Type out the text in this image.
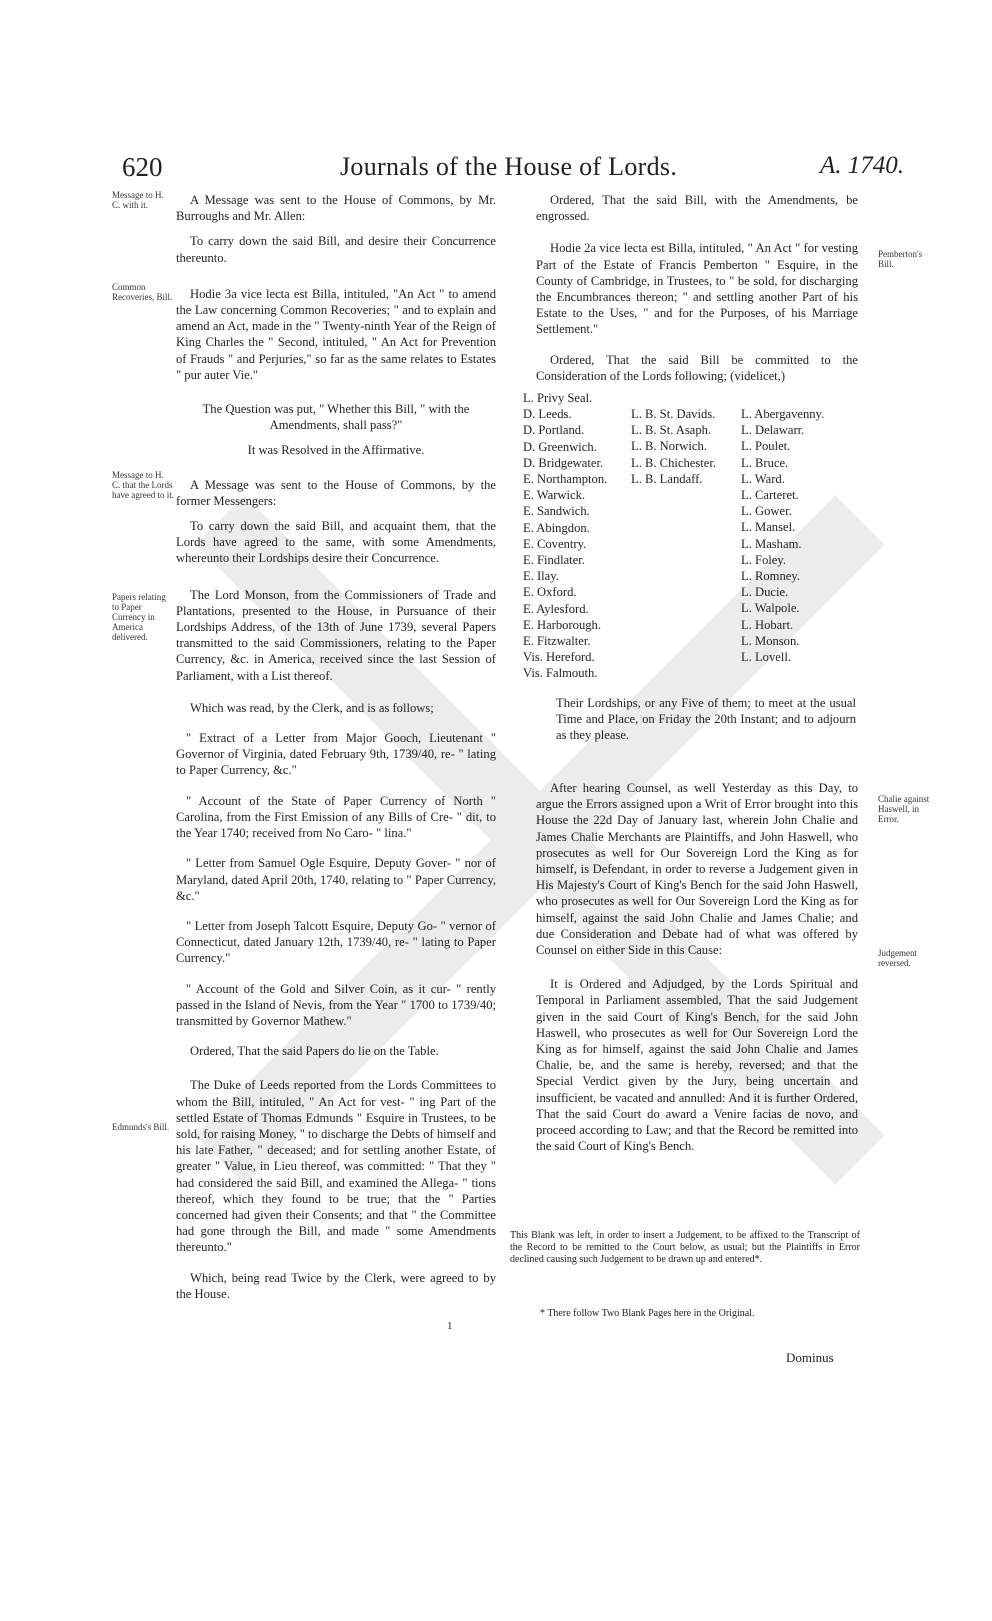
620	Journals of the House of Lords.	A. 1740.
Message to H. C. with it.
Common Recoveries, Bill.
Message to H. C. that the Lords have agreed to it.
Papers relating to Paper Currency in America delivered.
Edmunds's Bill.
Pemberton's Bill.
Chalie against Haswell, in Error.
Judgement reversed.

A Message was sent to the House of Commons, by Mr. Burroughs and Mr. Allen:

To carry down the said Bill, and desire their Concurrence thereunto.

Hodie 3a vice lecta est Billa, intituled, "An Act " to amend the Law concerning Common Recoveries; " and to explain and amend an Act, made in the " Twenty-ninth Year of the Reign of King Charles the " Second, intituled, " An Act for Prevention of Frauds " and Perjuries," so far as the same relates to Estates " pur auter Vie."

The Question was put, " Whether this Bill, " with the Amendments, shall pass?"

It was Resolved in the Affirmative.

A Message was sent to the House of Commons, by the former Messengers:

To carry down the said Bill, and acquaint them, that the Lords have agreed to the same, with some Amendments, whereunto their Lordships desire their Concurrence.

The Lord Monson, from the Commissioners of Trade and Plantations, presented to the House, in Pursuance of their Lordships Address, of the 13th of June 1739, several Papers transmitted to the said Commissioners, relating to the Paper Currency, &c. in America, received since the last Session of Parliament, with a List thereof.

Which was read, by the Clerk, and is as follows;

" Extract of a Letter from Major Gooch, Lieutenant " Governor of Virginia, dated February 9th, 1739/40, re- " lating to Paper Currency, &c."

" Account of the State of Paper Currency of North " Carolina, from the First Emission of any Bills of Cre- " dit, to the Year 1740; received from No Caro- " lina."

" Letter from Samuel Ogle Esquire, Deputy Gover- " nor of Maryland, dated April 20th, 1740, relating to " Paper Currency, &c."

" Letter from Joseph Talcott Esquire, Deputy Go- " vernor of Connecticut, dated January 12th, 1739/40, re- " lating to Paper Currency."

" Account of the Gold and Silver Coin, as it cur- " rently passed in the Island of Nevis, from the Year " 1700 to 1739/40; transmitted by Governor Mathew."

Ordered, That the said Papers do lie on the Table.

The Duke of Leeds reported from the Lords Committees to whom the Bill, intituled, " An Act for vest- " ing Part of the settled Estate of Thomas Edmunds " Esquire in Trustees, to be sold, for raising Money, " to discharge the Debts of himself and his late Father, " deceased; and for settling another Estate, of greater " Value, in Lieu thereof, was committed: " That they " had considered the said Bill, and examined the Allega- " tions thereof, which they found to be true; that the " Parties concerned had given their Consents; and that " the Committee had gone through the Bill, and made " some Amendments thereunto."

Which, being read Twice by the Clerk, were agreed to by the House.

Ordered, That the said Bill, with the Amendments, be engrossed.

Hodie 2a vice lecta est Billa, intituled, " An Act " for vesting Part of the Estate of Francis Pemberton " Esquire, in the County of Cambridge, in Trustees, to " be sold, for discharging the Encumbrances thereon; " and settling another Part of his Estate to the Uses, " and for the Purposes, of his Marriage Settlement."

Ordered, That the said Bill be committed to the Consideration of the Lords following; (videlicet,)

L. Privy Seal.
D. Leeds.
D. Portland.
D. Greenwich.
D. Bridgewater.
E. Northampton.
E. Warwick.
E. Sandwich.
E. Abingdon.
E. Coventry.
E. Findlater.
E. Ilay.
E. Oxford.
E. Aylesford.
E. Harborough.
E. Fitzwalter.
Vis. Hereford.
Vis. Falmouth.
L. B. St. Davids.
L. B. St. Asaph.
L. B. Norwich.
L. B. Chichester.
L. B. Landaff.
L. Abergavenny.
L. Delawarr.
L. Poulet.
L. Bruce.
L. Ward.
L. Carteret.
L. Gower.
L. Mansel.
L. Masham.
L. Foley.
L. Romney.
L. Ducie.
L. Walpole.
L. Hobart.
L. Monson.
L. Lovell.

Their Lordships, or any Five of them; to meet at the usual Time and Place, on Friday the 20th Instant; and to adjourn as they please.

After hearing Counsel, as well Yesterday as this Day, to argue the Errors assigned upon a Writ of Error brought into this House the 22d Day of January last, wherein John Chalie and James Chalie Merchants are Plaintiffs, and John Haswell, who prosecutes as well for Our Sovereign Lord the King as for himself, is Defendant, in order to reverse a Judgement given in His Majesty's Court of King's Bench for the said John Haswell, who prosecutes as well for Our Sovereign Lord the King as for himself, against the said John Chalie and James Chalie; and due Consideration and Debate had of what was offered by Counsel on either Side in this Cause:

It is Ordered and Adjudged, by the Lords Spiritual and Temporal in Parliament assembled, That the said Judgement given in the said Court of King's Bench, for the said John Haswell, who prosecutes as well for Our Sovereign Lord the King as for himself, against the said John Chalie and James Chalie, be, and the same is hereby, reversed; and that the Special Verdict given by the Jury, being uncertain and insufficient, be vacated and annulled: And it is further Ordered, That the said Court do award a Venire facias de novo, and proceed according to Law; and that the Record be remitted into the said Court of King's Bench.

This Blank was left, in order to insert a Judgement, to be affixed to the Transcript of the Record to be remitted to the Court below, as usual; but the Plaintiffs in Error declined causing such Judgement to be drawn up and entered*.
* There follow Two Blank Pages here in the Original.
1
Dominus
